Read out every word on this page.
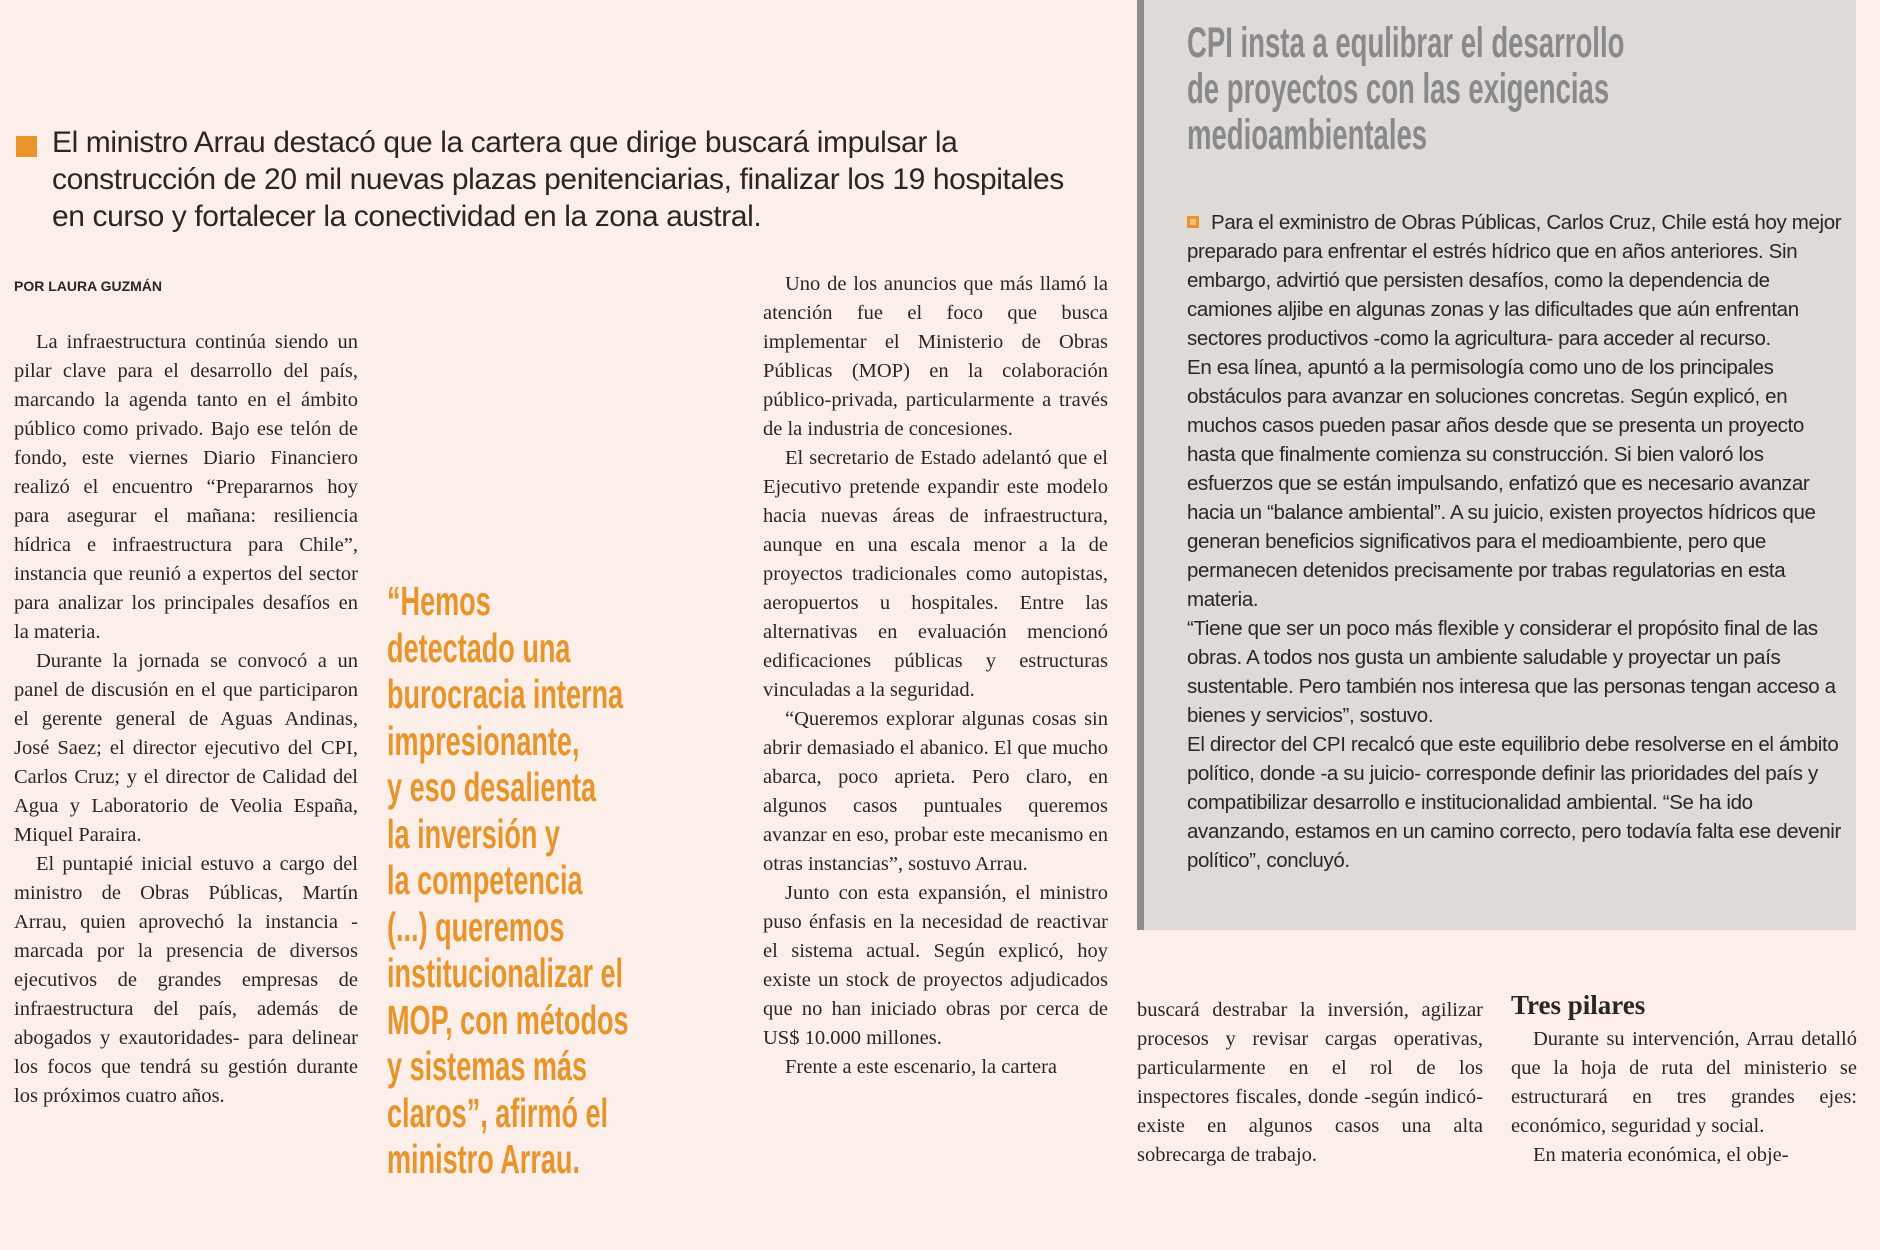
El ministro Arrau destacó que la cartera que dirige buscará impulsar la construcción de 20 mil nuevas plazas penitenciarias, finalizar los 19 hospitales en curso y fortalecer la conectividad en la zona austral.
POR LAURA GUZMÁN

La infraestructura continúa siendo un pilar clave para el desarrollo del país, marcando la agenda tanto en el ámbito público como privado. Bajo ese telón de fondo, este viernes Diario Financiero realizó el encuentro “Prepararnos hoy para asegurar el mañana: resiliencia hídrica e infraestructura para Chile”, instancia que reunió a expertos del sector para analizar los principales desafíos en la materia.

Durante la jornada se convocó a un panel de discusión en el que participaron el gerente general de Aguas Andinas, José Saez; el director ejecutivo del CPI, Carlos Cruz; y el director de Calidad del Agua y Laboratorio de Veolia España, Miquel Paraira.

El puntapié inicial estuvo a cargo del ministro de Obras Públicas, Martín Arrau, quien aprovechó la instancia -marcada por la presencia de diversos ejecutivos de grandes empresas de infraestructura del país, además de abogados y exautoridades- para delinear los focos que tendrá su gestión durante los próximos cuatro años.

“Hemos
detectado una
burocracia interna
impresionante,
y eso desalienta
la inversión y
la competencia
(...) queremos
institucionalizar el
MOP, con métodos
y sistemas más
claros”, afirmó el
ministro Arrau.

Uno de los anuncios que más llamó la atención fue el foco que busca implementar el Ministerio de Obras Públicas (MOP) en la colaboración público-privada, particularmente a través de la industria de concesiones.

El secretario de Estado adelantó que el Ejecutivo pretende expandir este modelo hacia nuevas áreas de infraestructura, aunque en una escala menor a la de proyectos tradicionales como autopistas, aeropuertos u hospitales. Entre las alternativas en evaluación mencionó edificaciones públicas y estructuras vinculadas a la seguridad.

“Queremos explorar algunas cosas sin abrir demasiado el abanico. El que mucho abarca, poco aprieta. Pero claro, en algunos casos puntuales queremos avanzar en eso, probar este mecanismo en otras instancias”, sostuvo Arrau.

Junto con esta expansión, el ministro puso énfasis en la necesidad de reactivar el sistema actual. Según explicó, hoy existe un stock de proyectos adjudicados que no han iniciado obras por cerca de US$ 10.000 millones.

Frente a este escenario, la cartera

buscará destrabar la inversión, agilizar procesos y revisar cargas operativas, particularmente en el rol de los inspectores fiscales, donde -según indicó- existe en algunos casos una alta sobrecarga de trabajo.

Tres pilares

Durante su intervención, Arrau detalló que la hoja de ruta del ministerio se estructurará en tres grandes ejes: económico, seguridad y social.

En materia económica, el obje-

CPI insta a equlibrar el desarrollo
de proyectos con las exigencias
medioambientales

Para el exministro de Obras Públicas, Carlos Cruz, Chile está hoy mejor preparado para enfrentar el estrés hídrico que en años anteriores. Sin embargo, advirtió que persisten desafíos, como la dependencia de camiones aljibe en algunas zonas y las dificultades que aún enfrentan sectores productivos -como la agricultura- para acceder al recurso.

En esa línea, apuntó a la permisología como uno de los principales obstáculos para avanzar en soluciones concretas. Según explicó, en muchos casos pueden pasar años desde que se presenta un proyecto hasta que finalmente comienza su construcción. Si bien valoró los esfuerzos que se están impulsando, enfatizó que es necesario avanzar hacia un “balance ambiental”. A su juicio, existen proyectos hídricos que generan beneficios significativos para el medioambiente, pero que permanecen detenidos precisamente por trabas regulatorias en esta materia.

“Tiene que ser un poco más flexible y considerar el propósito final de las obras. A todos nos gusta un ambiente saludable y proyectar un país sustentable. Pero también nos interesa que las personas tengan acceso a bienes y servicios”, sostuvo.

El director del CPI recalcó que este equilibrio debe resolverse en el ámbito político, donde -a su juicio- corresponde definir las prioridades del país y compatibilizar desarrollo e institucionalidad ambiental. “Se ha ido avanzando, estamos en un camino correcto, pero todavía falta ese devenir político”, concluyó.
